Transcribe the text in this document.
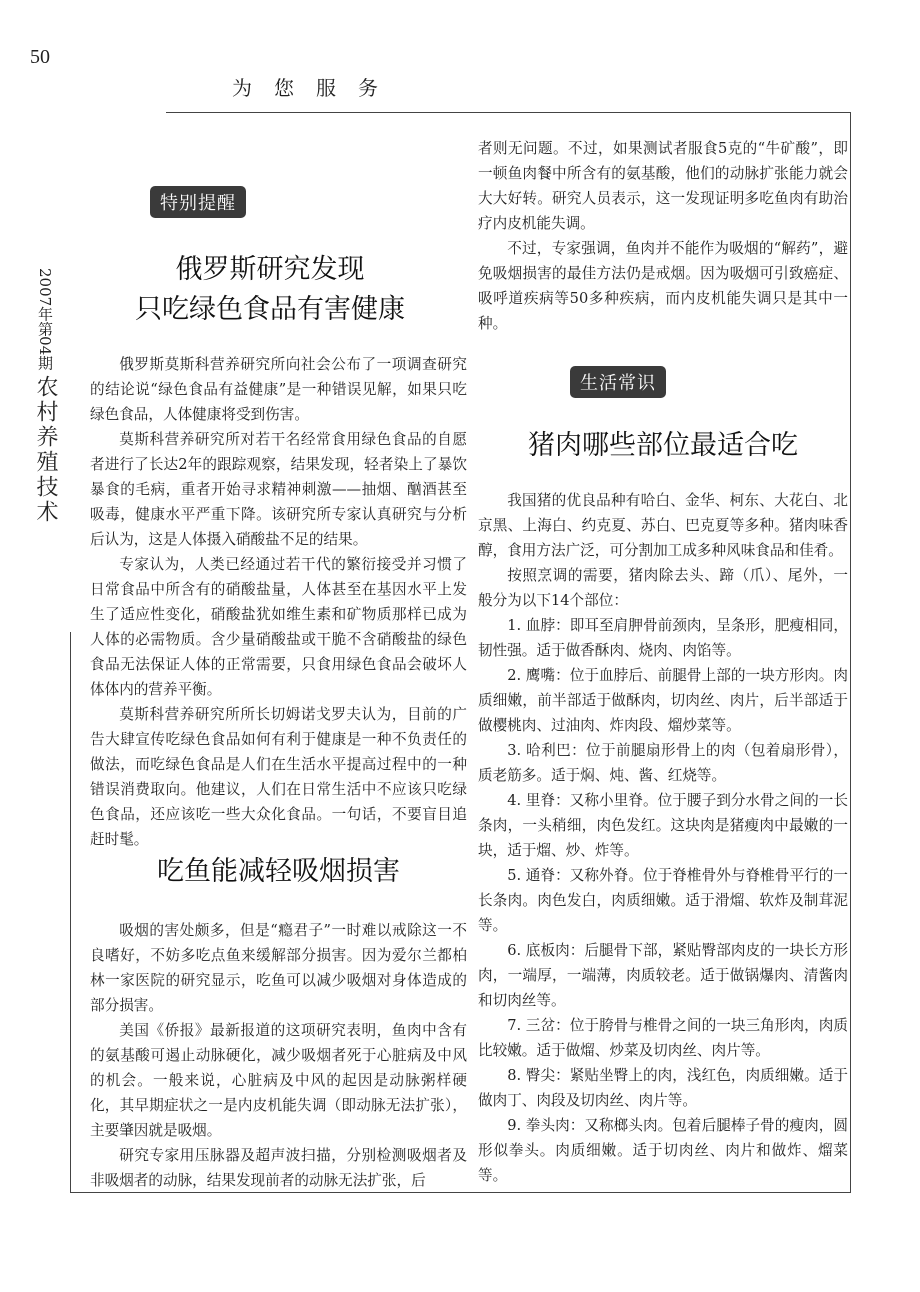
50
为您服务
2007年第04期 农村养殖技术
特别提醒
俄罗斯研究发现
只吃绿色食品有害健康

俄罗斯莫斯科营养研究所向社会公布了一项调查研究的结论说“绿色食品有益健康”是一种错误见解，如果只吃绿色食品，人体健康将受到伤害。

莫斯科营养研究所对若干名经常食用绿色食品的自愿者进行了长达2年的跟踪观察，结果发现，轻者染上了暴饮暴食的毛病，重者开始寻求精神刺激——抽烟、酗酒甚至吸毒，健康水平严重下降。该研究所专家认真研究与分析后认为，这是人体摄入硝酸盐不足的结果。

专家认为，人类已经通过若干代的繁衍接受并习惯了日常食品中所含有的硝酸盐量，人体甚至在基因水平上发生了适应性变化，硝酸盐犹如维生素和矿物质那样已成为人体的必需物质。含少量硝酸盐或干脆不含硝酸盐的绿色食品无法保证人体的正常需要，只食用绿色食品会破坏人体体内的营养平衡。

莫斯科营养研究所所长切姆诺戈罗夫认为，目前的广告大肆宣传吃绿色食品如何有利于健康是一种不负责任的做法，而吃绿色食品是人们在生活水平提高过程中的一种错误消费取向。他建议，人们在日常生活中不应该只吃绿色食品，还应该吃一些大众化食品。一句话，不要盲目追赶时髦。

吃鱼能减轻吸烟损害

吸烟的害处颇多，但是“瘾君子”一时难以戒除这一不良嗜好，不妨多吃点鱼来缓解部分损害。因为爱尔兰都柏林一家医院的研究显示，吃鱼可以减少吸烟对身体造成的部分损害。

美国《侨报》最新报道的这项研究表明，鱼肉中含有的氨基酸可遏止动脉硬化，减少吸烟者死于心脏病及中风的机会。一般来说，心脏病及中风的起因是动脉粥样硬化，其早期症状之一是内皮机能失调（即动脉无法扩张），主要肇因就是吸烟。

研究专家用压脉器及超声波扫描，分别检测吸烟者及非吸烟者的动脉，结果发现前者的动脉无法扩张，后

者则无问题。不过，如果测试者服食5克的“牛矿酸”，即一顿鱼肉餐中所含有的氨基酸，他们的动脉扩张能力就会大大好转。研究人员表示，这一发现证明多吃鱼肉有助治疗内皮机能失调。

不过，专家强调，鱼肉并不能作为吸烟的“解药”，避免吸烟损害的最佳方法仍是戒烟。因为吸烟可引致癌症、吸呼道疾病等50多种疾病，而内皮机能失调只是其中一种。

生活常识
猪肉哪些部位最适合吃

我国猪的优良品种有哈白、金华、柯东、大花白、北京黑、上海白、约克夏、苏白、巴克夏等多种。猪肉味香醇，食用方法广泛，可分割加工成多种风味食品和佳肴。

按照烹调的需要，猪肉除去头、蹄（爪）、尾外，一般分为以下14个部位：

1. 血脖：即耳至肩胛骨前颈肉，呈条形，肥瘦相同，韧性强。适于做香酥肉、烧肉、肉馅等。

2. 鹰嘴：位于血脖后、前腿骨上部的一块方形肉。肉质细嫩，前半部适于做酥肉，切肉丝、肉片，后半部适于做樱桃肉、过油肉、炸肉段、熘炒菜等。

3. 哈利巴：位于前腿扇形骨上的肉（包着扇形骨），质老筋多。适于焖、炖、酱、红烧等。

4. 里脊：又称小里脊。位于腰子到分水骨之间的一长条肉，一头稍细，肉色发红。这块肉是猪瘦肉中最嫩的一块，适于熘、炒、炸等。

5. 通脊：又称外脊。位于脊椎骨外与脊椎骨平行的一长条肉。肉色发白，肉质细嫩。适于滑熘、软炸及制茸泥等。

6. 底板肉：后腿骨下部，紧贴臀部肉皮的一块长方形肉，一端厚，一端薄，肉质较老。适于做锅爆肉、清酱肉和切肉丝等。

7. 三岔：位于胯骨与椎骨之间的一块三角形肉，肉质比较嫩。适于做熘、炒菜及切肉丝、肉片等。

8. 臀尖：紧贴坐臀上的肉，浅红色，肉质细嫩。适于做肉丁、肉段及切肉丝、肉片等。

9. 拳头肉：又称榔头肉。包着后腿棒子骨的瘦肉，圆形似拳头。肉质细嫩。适于切肉丝、肉片和做炸、熘菜等。
